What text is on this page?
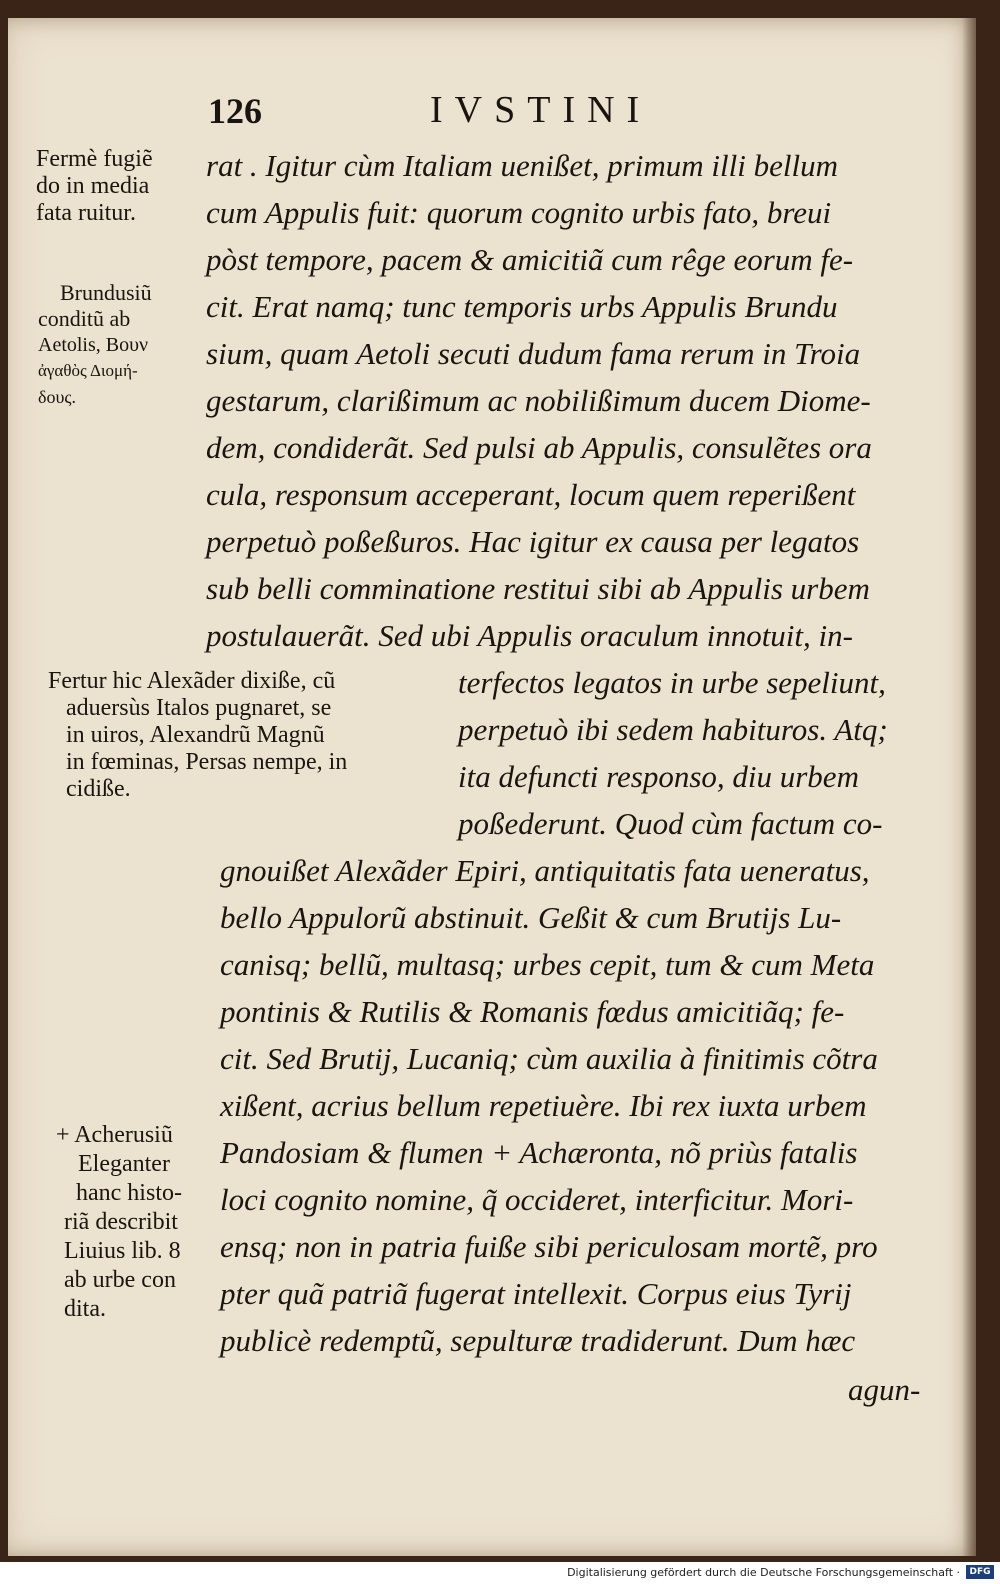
126	IVSTINI
Fermè fugiẽ
do in media
fata ruitur.
Brundusiũ
conditũ ab
Aetolis, Βουν
ἀγαθὸς Διομή-
δους.
Fertur hic Alexãder dixiße, cũ
aduersùs Italos pugnaret, se
in uiros, Alexandrũ Magnũ
in fœminas, Persas nempe, in
cidiße.
+ Acherusiũ
Eleganter
hanc histo-
riã describit
Liuius lib. 8
ab urbe con
dita.
rat . Igitur cùm Italiam uenißet, primum illi bellum
cum Appulis fuit: quorum cognito urbis fato, breui
pòst tempore, pacem & amicitiã cum rêge eorum fe-
cit. Erat namq; tunc temporis urbs Appulis Brundu
sium, quam Aetoli secuti dudum fama rerum in Troia
gestarum, clarißimum ac nobilißimum ducem Diome-
dem, condiderãt. Sed pulsi ab Appulis, consulẽtes ora
cula, responsum acceperant, locum quem reperißent
perpetuò poßeßuros. Hac igitur ex causa per legatos
sub belli comminatione restitui sibi ab Appulis urbem
postulauerãt. Sed ubi Appulis oraculum innotuit, in-
terfectos legatos in urbe sepeliunt,
perpetuò ibi sedem habituros. Atq;
ita defuncti responso, diu urbem
poßederunt. Quod cùm factum co-
gnouißet Alexãder Epiri, antiquitatis fata ueneratus,
bello Appulorũ abstinuit. Geßit & cum Brutijs Lu-
canisq; bellũ, multasq; urbes cepit, tum & cum Meta
pontinis & Rutilis & Romanis fœdus amicitiãq; fe-
cit. Sed Brutij, Lucaniq; cùm auxilia à finitimis cõtra
xißent, acrius bellum repetiuère. Ibi rex iuxta urbem
Pandosiam & flumen + Achæronta, nõ priùs fatalis
loci cognito nomine, q̃ occideret, interficitur. Mori-
ensq; non in patria fuiße sibi periculosam mortẽ, pro
pter quã patriã fugerat intellexit. Corpus eius Tyrij
publicè redemptũ, sepulturæ tradiderunt. Dum hæc
agun-
Digitalisierung gefördert durch die Deutsche Forschungsgemeinschaft ·	DFG
